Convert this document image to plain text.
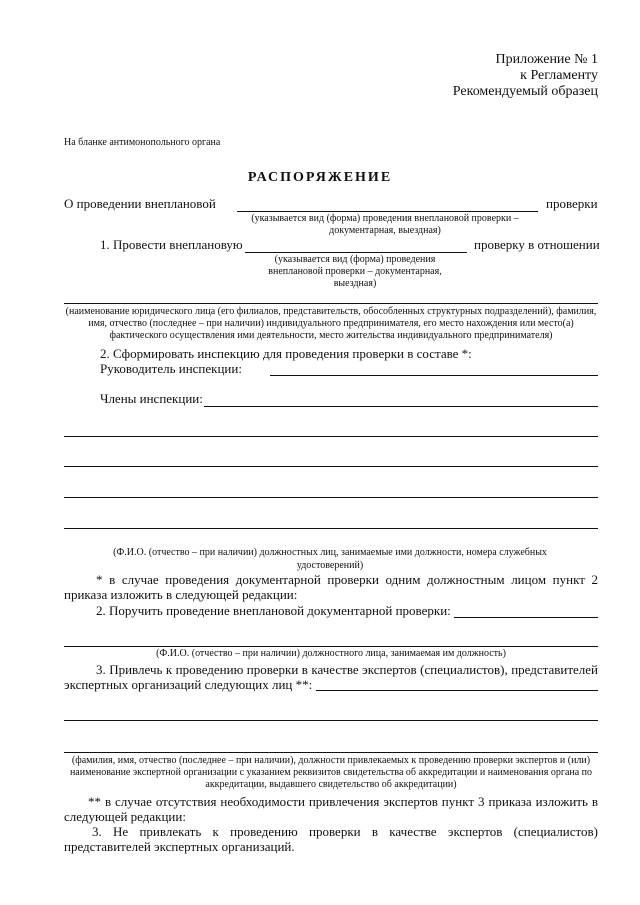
Приложение № 1
к Регламенту
Рекомендуемый образец
На бланке антимонопольного органа
РАСПОРЯЖЕНИЕ
О проведении внеплановой	проверки
(указывается вид (форма) проведения внеплановой проверки – документарная, выездная)
1. Провести внеплановую	проверку в отношении
(указывается вид (форма) проведения внеплановой проверки – документарная, выездная)
(наименование юридического лица (его филиалов, представительств, обособленных структурных подразделений), фамилия, имя, отчество (последнее – при наличии) индивидуального предпринимателя, его место нахождения или место(а) фактического осуществления ими деятельности, место жительства индивидуального предпринимателя)
2. Сформировать инспекцию для проведения проверки в составе *:
Руководитель инспекции:
Члены инспекции:
(Ф.И.О. (отчество – при наличии) должностных лиц, занимаемые ими должности, номера служебных удостоверений)
* в случае проведения документарной проверки одним должностным лицом пункт 2 приказа изложить в следующей редакции:
2. Поручить проведение внеплановой документарной проверки:
(Ф.И.О. (отчество – при наличии) должностного лица, занимаемая им должность)
3. Привлечь к проведению проверки в качестве экспертов (специалистов), представителей экспертных организаций следующих лиц **:
(фамилия, имя, отчество (последнее – при наличии), должности привлекаемых к проведению проверки экспертов и (или) наименование экспертной организации с указанием реквизитов свидетельства об аккредитации и наименования органа по аккредитации, выдавшего свидетельство об аккредитации)
** в случае отсутствия необходимости привлечения экспертов пункт 3 приказа изложить в следующей редакции:
3. Не привлекать к проведению проверки в качестве экспертов (специалистов) представителей экспертных организаций.
